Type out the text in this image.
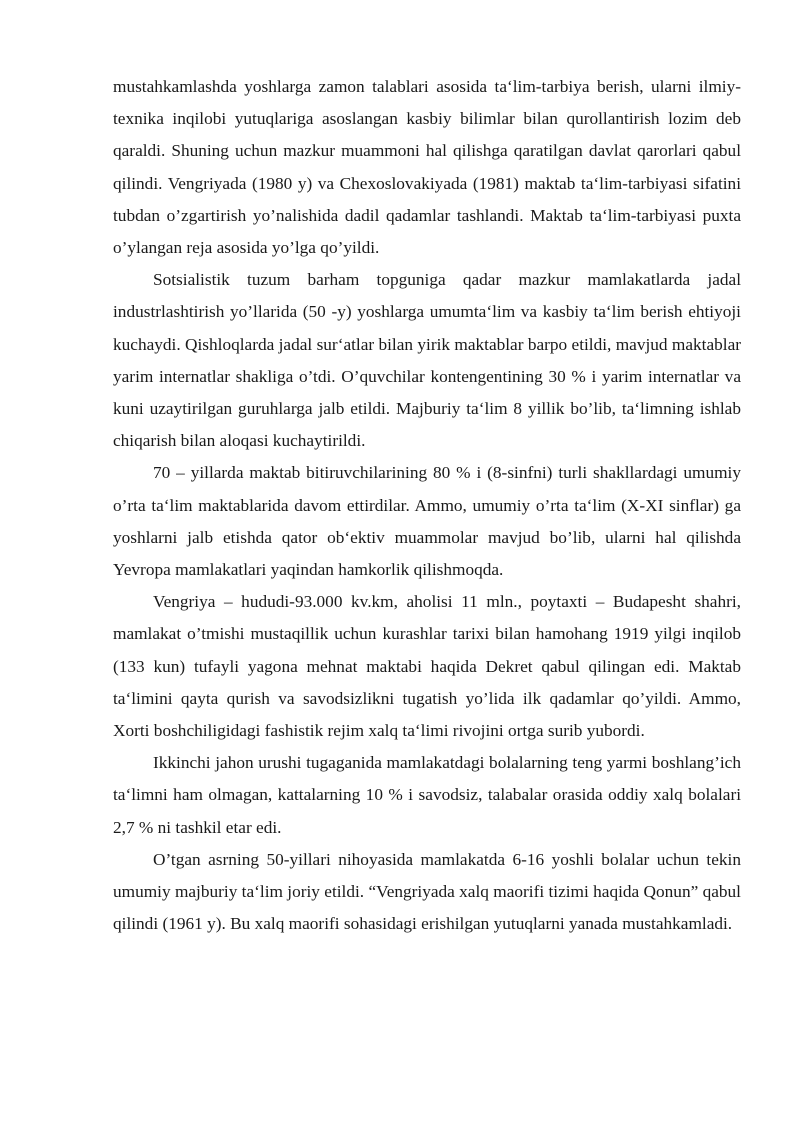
mustahkamlashda yoshlarga zamon talablari asosida ta‘lim-tarbiya berish, ularni ilmiy-texnika inqilobi yutuqlariga asoslangan kasbiy bilimlar bilan qurollantirish lozim deb qaraldi. Shuning uchun mazkur muammoni hal qilishga qaratilgan davlat qarorlari qabul qilindi. Vengriyada (1980 y) va Chexoslovakiyada (1981) maktab ta‘lim-tarbiyasi sifatini tubdan o’zgartirish yo’nalishida dadil qadamlar tashlandi. Maktab ta‘lim-tarbiyasi puxta o’ylangan reja asosida yo’lga qo’yildi.

Sotsialistik tuzum barham topguniga qadar mazkur mamlakatlarda jadal industrlashtirish yo’llarida (50 -y) yoshlarga umumta‘lim va kasbiy ta‘lim berish ehtiyoji kuchaydi. Qishloqlarda jadal sur‘atlar bilan yirik maktablar barpo etildi, mavjud maktablar yarim internatlar shakliga o’tdi. O’quvchilar kontengentining 30 % i yarim internatlar va kuni uzaytirilgan guruhlarga jalb etildi. Majburiy ta‘lim 8 yillik bo’lib, ta‘limning ishlab chiqarish bilan aloqasi kuchaytirildi.

70 – yillarda maktab bitiruvchilarining 80 % i (8-sinfni) turli shakllardagi umumiy o’rta ta‘lim maktablarida davom ettirdilar. Ammo, umumiy o’rta ta‘lim (X-XI sinflar) ga yoshlarni jalb etishda qator ob‘ektiv muammolar mavjud bo’lib, ularni hal qilishda Yevropa mamlakatlari yaqindan hamkorlik qilishmoqda.

Vengriya – hududi-93.000 kv.km, aholisi 11 mln., poytaxti – Budapesht shahri, mamlakat o’tmishi mustaqillik uchun kurashlar tarixi bilan hamohang 1919 yilgi inqilob (133 kun) tufayli yagona mehnat maktabi haqida Dekret qabul qilingan edi. Maktab ta‘limini qayta qurish va savodsizlikni tugatish yo’lida ilk qadamlar qo’yildi. Ammo, Xorti boshchiligidagi fashistik rejim xalq ta‘limi rivojini ortga surib yubordi.

Ikkinchi jahon urushi tugaganida mamlakatdagi bolalarning teng yarmi boshlang’ich ta‘limni ham olmagan, kattalarning 10 % i savodsiz, talabalar orasida oddiy xalq bolalari 2,7 % ni tashkil etar edi.

O’tgan asrning 50-yillari nihoyasida mamlakatda 6-16 yoshli bolalar uchun tekin umumiy majburiy ta‘lim joriy etildi. “Vengriyada xalq maorifi tizimi haqida Qonun” qabul qilindi (1961 y). Bu xalq maorifi sohasidagi erishilgan yutuqlarni yanada mustahkamladi.
